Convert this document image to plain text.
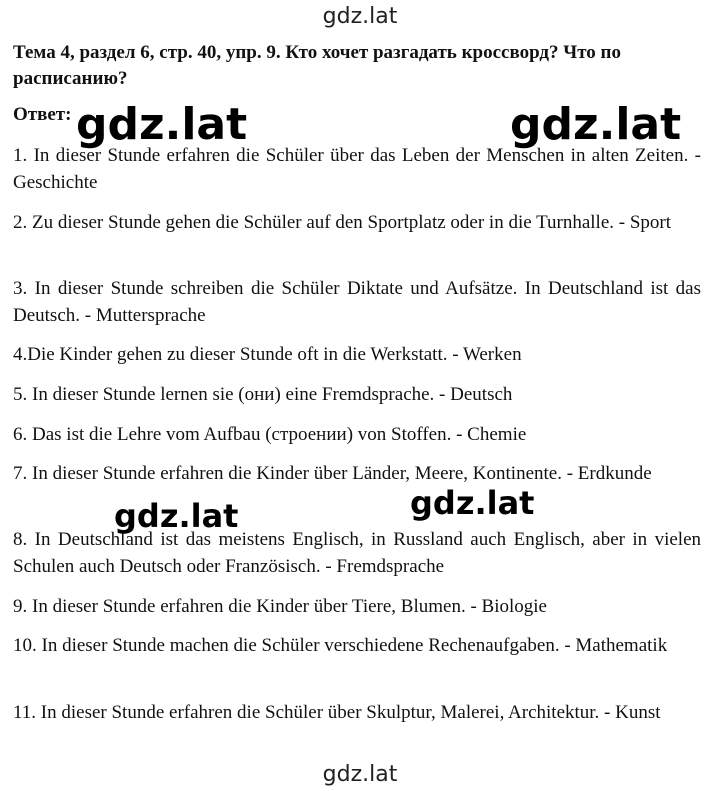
gdz.lat
Тема 4, раздел 6, стр. 40, упр. 9. Кто хочет разгадать кроссворд? Что по расписанию?
Ответ:
1. In dieser Stunde erfahren die Schüler über das Leben der Menschen in alten Zeiten. - Geschichte
2. Zu dieser Stunde gehen die Schüler auf den Sportplatz oder in die Turnhalle. - Sport
3. In dieser Stunde schreiben die Schüler Diktate und Aufsätze. In Deutschland ist das Deutsch. - Muttersprache
4.Die Kinder gehen zu dieser Stunde oft in die Werkstatt. - Werken
5. In dieser Stunde lernen sie (они) eine Fremdsprache. - Deutsch
6. Das ist die Lehre vom Aufbau (строении) von Stoffen. - Chemie
7. In dieser Stunde erfahren die Kinder über Länder, Meere, Kontinente. - Erdkunde
8. In Deutschland ist das meistens Englisch, in Russland auch Englisch, aber in vielen Schulen auch Deutsch oder Französisch. - Fremdsprache
9. In dieser Stunde erfahren die Kinder über Tiere, Blumen. - Biologie
10. In dieser Stunde machen die Schüler verschiedene Rechenaufgaben. - Mathematik
11. In dieser Stunde erfahren die Schüler über Skulptur, Malerei, Architektur. - Kunst
gdz.lat	gdz.lat
gdz.lat	gdz.lat
gdz.lat
